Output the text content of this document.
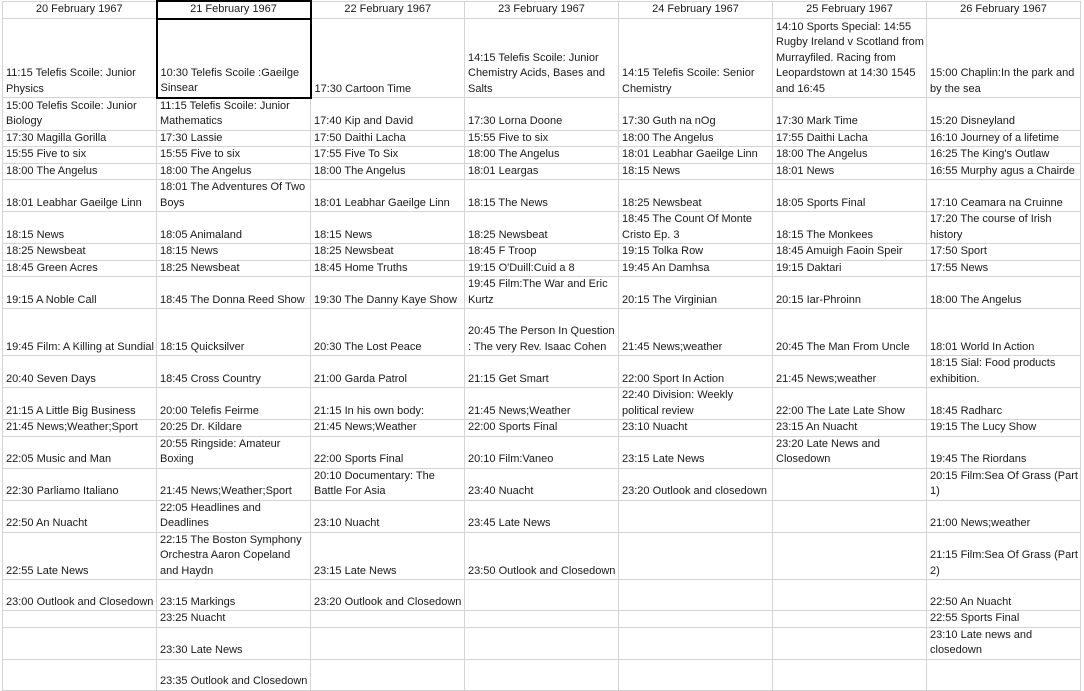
20 February 1967	21 February 1967	22 February 1967	23 February 1967	24 February 1967	25 February 1967	26 February 1967

11:15 Telefis Scoile: Junior Physics	10:30 Telefis Scoile :Gaeilge Sinsear	17:30 Cartoon Time	14:15 Telefis Scoile: Junior Chemistry Acids, Bases and Salts	14:15 Telefis Scoile: Senior Chemistry	14:10 Sports Special: 14:55 Rugby Ireland v Scotland from Murrayfiled. Racing from Leopardstown at 14:30 1545 and 16:45	15:00 Chaplin:In the park and by the sea

15:00 Telefis Scoile: Junior Biology	11:15 Telefis Scoile: Junior Mathematics	17:40 Kip and David	17:30 Lorna Doone	17:30 Guth na nOg	17:30 Mark Time	15:20 Disneyland

17:30 Magilla Gorilla	17:30 Lassie	17:50 Daithi Lacha	15:55 Five to six	18:00 The Angelus	17:55 Daithi Lacha	16:10 Journey of a lifetime

15:55 Five to six	15:55 Five to six	17:55 Five To Six	18:00 The Angelus	18:01 Leabhar Gaeilge Linn	18:00 The Angelus	16:25 The King's Outlaw

18:00 The Angelus	18:00 The Angelus	18:00 The Angelus	18:01 Leargas	18:15 News	18:01 News	16:55 Murphy agus a Chairde

18:01 Leabhar Gaeilge Linn	18:01 The Adventures Of Two Boys	18:01 Leabhar Gaeilge Linn	18:15 The News	18:25 Newsbeat	18:05 Sports Final	17:10 Ceamara na Cruinne

18:15 News	18:05 Animaland	18:15 News	18:25 Newsbeat	18:45 The Count Of Monte Cristo Ep. 3	18:15 The Monkees	17:20 The course of Irish history

18:25 Newsbeat	18:15 News	18:25 Newsbeat	18:45 F Troop	19:15 Tolka Row	18:45 Amuigh Faoin Speir	17:50 Sport

18:45 Green Acres	18:25 Newsbeat	18:45 Home Truths	19:15 O'Duill:Cuid a 8	19:45 An Damhsa	19:15 Daktari	17:55 News

19:15 A Noble Call	18:45 The Donna Reed Show	19:30 The Danny Kaye Show	19:45 Film:The War and Eric Kurtz	20:15 The Virginian	20:15 Iar-Phroinn	18:00 The Angelus

19:45 Film: A Killing at Sundial	18:15 Quicksilver	20:30 The Lost Peace	20:45 The Person In Question : The very Rev. Isaac Cohen	21:45 News;weather	20:45 The Man From Uncle	18:01 World In Action

20:40 Seven Days	18:45 Cross Country	21:00 Garda Patrol	21:15 Get Smart	22:00 Sport In Action	21:45 News;weather	18:15 Sial: Food products exhibition.

21:15 A Little Big Business	20:00 Telefis Feirme	21:15 In his own body:	21:45 News;Weather	22:40 Division: Weekly political review	22:00 The Late Late Show	18:45 Radharc

21:45 News;Weather;Sport	20:25 Dr. Kildare	21:45 News;Weather	22:00 Sports Final	23:10 Nuacht	23:15 An Nuacht	19:15 The Lucy Show

22:05 Music and Man	20:55 Ringside: Amateur Boxing	22:00 Sports Final	20:10 Film:Vaneo	23:15 Late News	23:20 Late News and Closedown	19:45 The Riordans

22:30 Parliamo Italiano	21:45 News;Weather;Sport	20:10 Documentary: The Battle For Asia	23:40 Nuacht	23:20 Outlook and closedown		20:15 Film:Sea Of Grass (Part 1)

22:50 An Nuacht	22:05 Headlines and Deadlines	23:10 Nuacht	23:45 Late News			21:00 News;weather

22:55 Late News	22:15 The Boston Symphony Orchestra Aaron Copeland and Haydn	23:15 Late News	23:50 Outlook and Closedown			21:15 Film:Sea Of Grass (Part 2)

23:00 Outlook and Closedown	23:15 Markings	23:20 Outlook and Closedown				22:50 An Nuacht

	23:25 Nuacht					22:55 Sports Final

	23:30 Late News					23:10 Late news and closedown

	23:35 Outlook and Closedown					
